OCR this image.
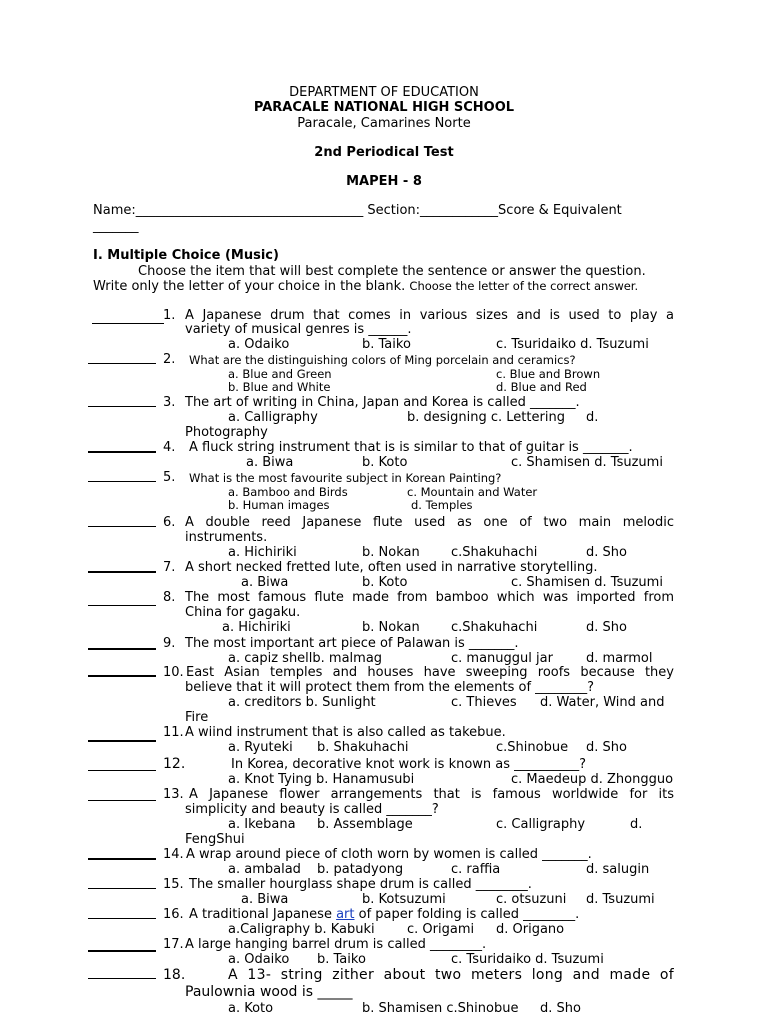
DEPARTMENT OF EDUCATION
PARACALE NATIONAL HIGH SCHOOL
Paracale, Camarines Norte
2nd Periodical Test
MAPEH - 8
Name:___________________________________ Section:____________Score & Equivalent
_______
I. Multiple Choice (Music)
Choose the item that will best complete the sentence or answer the question.
Write only the letter of your choice in the blank. Choose the letter of the correct answer.
1. A Japanese drum that comes in various sizes and is used to play a
variety of musical genres is ______.
a. Odaiko	b. Taiko	c. Tsuridaiko d. Tsuzumi
2. What are the distinguishing colors of Ming porcelain and ceramics?
a. Blue and Green	c. Blue and Brown
b. Blue and White	d. Blue and Red
3. The art of writing in China, Japan and Korea is called _______.
a. Calligraphy	b. designing c. Lettering d.
Photography
4. A fluck string instrument that is is similar to that of guitar is _______.
a. Biwa	b. Koto	c. Shamisen d. Tsuzumi
5. What is the most favourite subject in Korean Painting?
a. Bamboo and Birds	c. Mountain and Water
b. Human images	d. Temples
6. A double reed Japanese flute used as one of two main melodic
instruments.
a. Hichiriki	b. Nokan c.Shakuhachi	d. Sho
7. A short necked fretted lute, often used in narrative storytelling.
a. Biwa	b. Koto	c. Shamisen d. Tsuzumi
8. The most famous flute made from bamboo which was imported from
China for gagaku.
a. Hichiriki	b. Nokan c.Shakuhachi	d. Sho
9. The most important art piece of Palawan is _______.
a. capiz shellb. malmag	c. manuggul jar	d. marmol
10. East Asian temples and houses have sweeping roofs because they
believe that it will protect them from the elements of ________?
a. creditors b. Sunlight	c. Thieves d. Water, Wind and
Fire
11. A wiind instrument that is also called as takebue.
a. Ryuteki b. Shakuhachi	c.Shinobue d. Sho
12.	In Korea, decorative knot work is known as __________?
a. Knot Tying b. Hanamusubi	c. Maedeup d. Zhongguo
13. A Japanese flower arrangements that is famous worldwide for its
simplicity and beauty is called _______?
a. Ikebana b. Assemblage	c. Calligraphy	d.
FengShui
14. A wrap around piece of cloth worn by women is called _______.
a. ambalad b. patadyong	c. raffia	d. salugin
15. The smaller hourglass shape drum is called ________.
a. Biwa	b. Kotsuzumi	c. otsuzuni d. Tsuzumi
16. A traditional Japanese art of paper folding is called ________.
a.Caligraphy b. Kabuki c. Origami d. Origano
17. A large hanging barrel drum is called ________.
a. Odaiko b. Taiko	c. Tsuridaiko d. Tsuzumi
18.	A 13- string zither about two meters long and made of
Paulownia wood is _____
a. Koto	b. Shamisen c.Shinobue d. Sho
